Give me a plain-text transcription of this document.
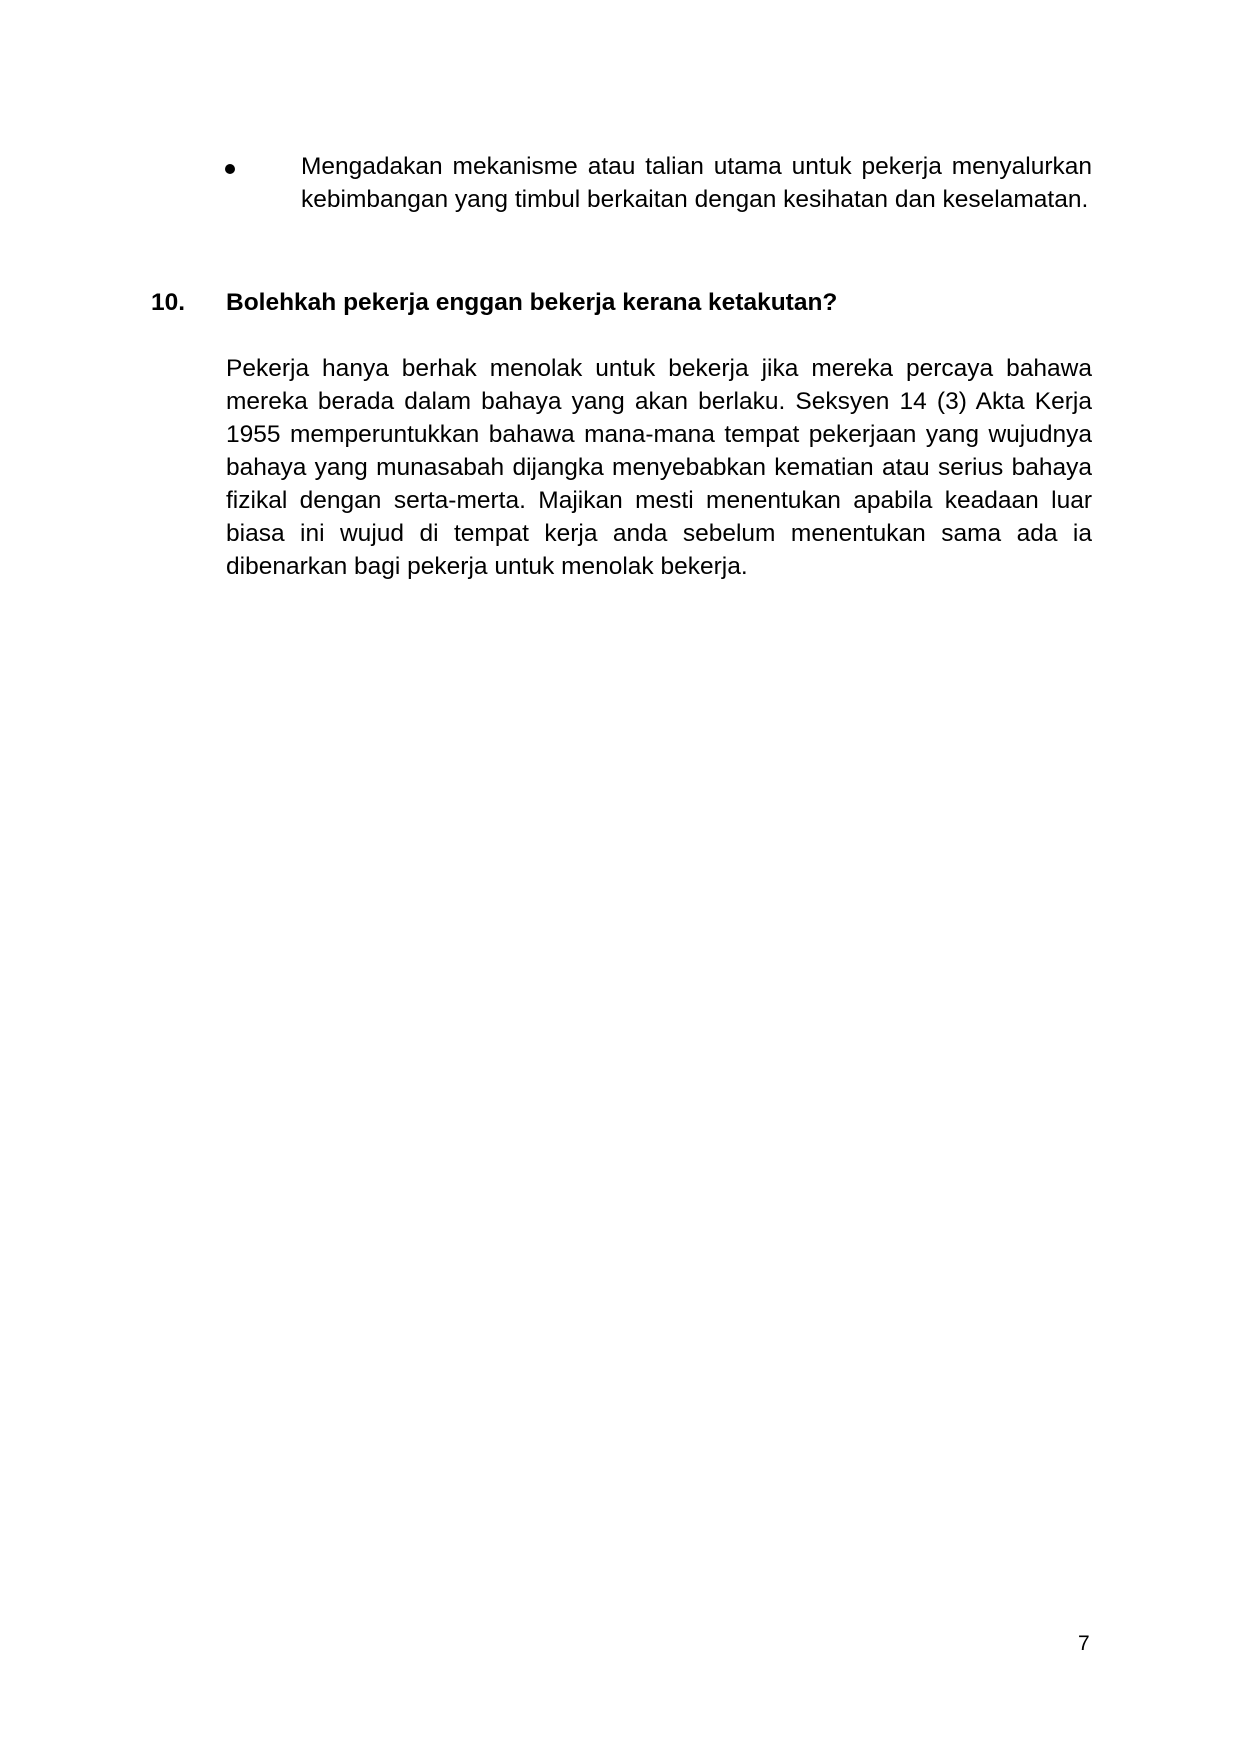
Mengadakan mekanisme atau talian utama untuk pekerja menyalurkan kebimbangan yang timbul berkaitan dengan kesihatan dan keselamatan.
10. Bolehkah pekerja enggan bekerja kerana ketakutan?
Pekerja hanya berhak menolak untuk bekerja jika mereka percaya bahawa mereka berada dalam bahaya yang akan berlaku. Seksyen 14 (3) Akta Kerja 1955 memperuntukkan bahawa mana-mana tempat pekerjaan yang wujudnya bahaya yang munasabah dijangka menyebabkan kematian atau serius bahaya fizikal dengan serta-merta. Majikan mesti menentukan apabila keadaan luar biasa ini wujud di tempat kerja anda sebelum menentukan sama ada ia dibenarkan bagi pekerja untuk menolak bekerja.
7
